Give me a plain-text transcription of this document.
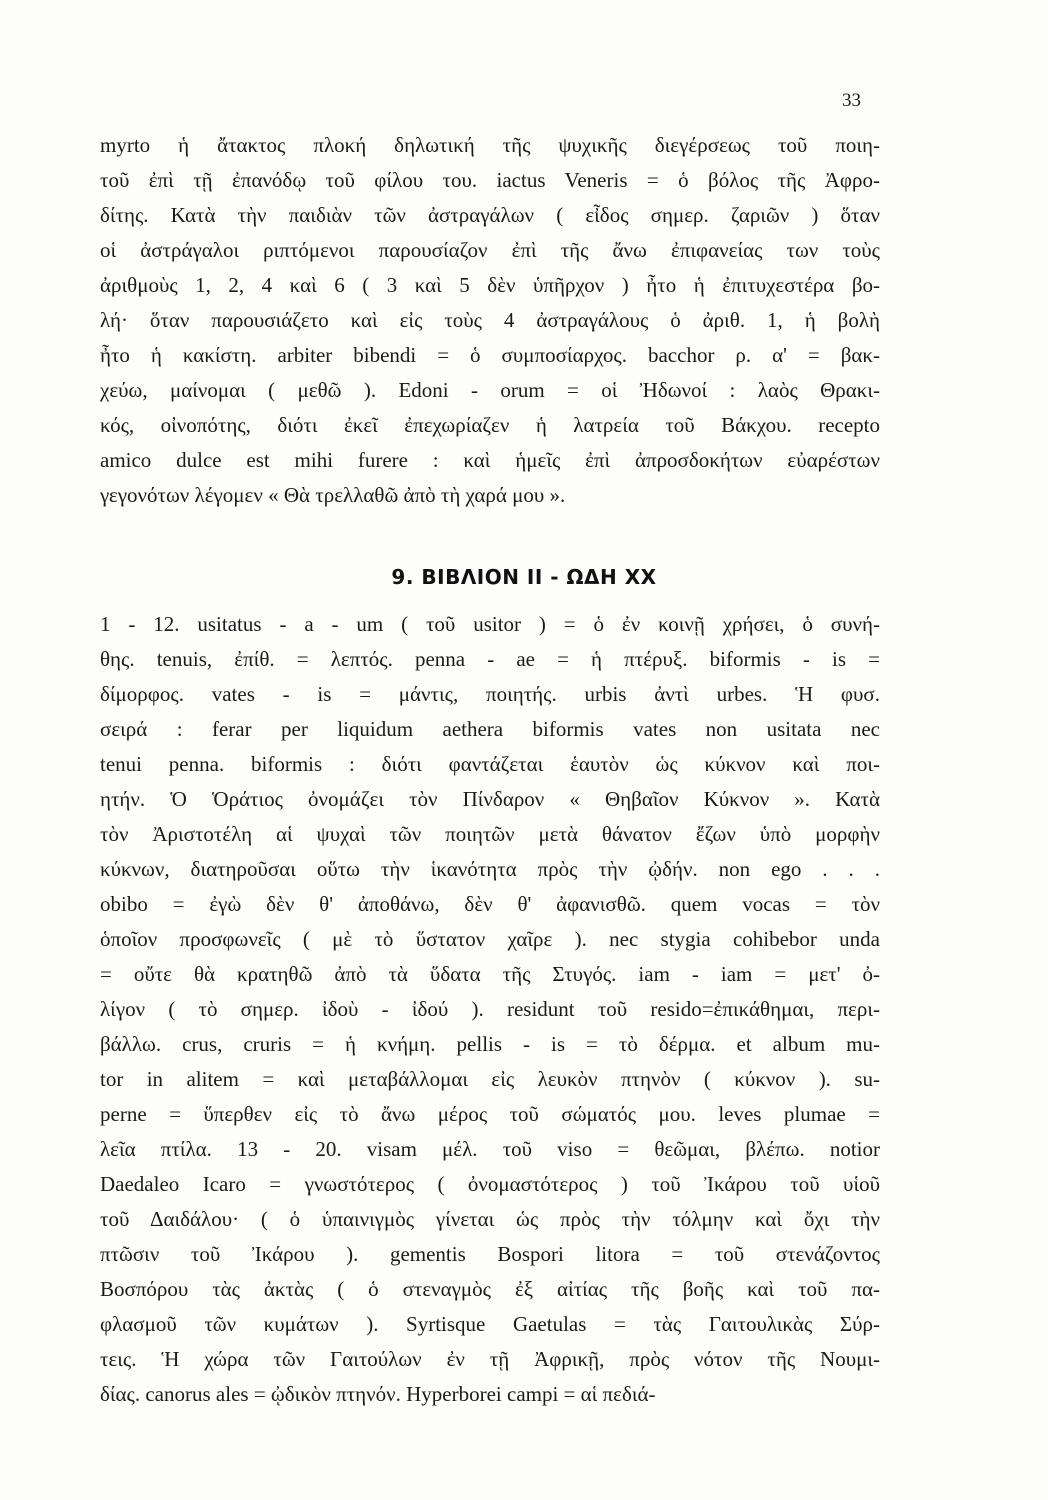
33
myrto ἡ ἄτακτος πλοκή δηλωτική τῆς ψυχικῆς διεγέρσεως τοῦ ποιη-
τοῦ ἐπὶ τῇ ἐπανόδῳ τοῦ φίλου του. iactus Veneris = ὁ βόλος τῆς Ἀφρο-
δίτης. Κατὰ τὴν παιδιὰν τῶν ἀστραγάλων ( εἶδος σημερ. ζαριῶν ) ὅταν
οἱ ἀστράγαλοι ριπτόμενοι παρουσίαζον ἐπὶ τῆς ἄνω ἐπιφανείας των τοὺς
ἀριθμοὺς 1, 2, 4 καὶ 6 ( 3 καὶ 5 δὲν ὑπῆρχον ) ἦτο ἡ ἐπιτυχεστέρα βο-
λή· ὅταν παρουσιάζετο καὶ εἰς τοὺς 4 ἀστραγάλους ὁ ἀριθ. 1, ἡ βολὴ
ἦτο ἡ κακίστη. arbiter bibendi = ὁ συμποσίαρχος. bacchor ρ. α' = βακ-
χεύω, μαίνομαι ( μεθῶ ). Edoni - orum = οἱ Ἠδωνοί : λαὸς Θρακι-
κός, οἰνοπότης, διότι ἐκεῖ ἐπεχωρίαζεν ἡ λατρεία τοῦ Βάκχου. recepto
amico dulce est mihi furere : καὶ ἡμεῖς ἐπὶ ἀπροσδοκήτων εὐαρέστων
γεγονότων λέγομεν « Θὰ τρελλαθῶ ἀπὸ τὴ χαρά μου ».
9. ΒΙΒΛΙΟΝ II - ΩΔΗ XX
1 - 12. usitatus - a - um ( τοῦ usitor ) = ὁ ἐν κοινῇ χρήσει, ὁ συνή-
θης. tenuis, ἐπίθ. = λεπτός. penna - ae = ἡ πτέρυξ. biformis - is =
δίμορφος. vates - is = μάντις, ποιητής. urbis ἀντὶ urbes. Ἡ φυσ.
σειρά : ferar per liquidum aethera biformis vates non usitata nec
tenui penna. biformis : διότι φαντάζεται ἑαυτὸν ὡς κύκνον καὶ ποι-
ητήν. Ὁ Ὁράτιος ὀνομάζει τὸν Πίνδαρον « Θηβαῖον Κύκνον ». Κατὰ
τὸν Ἀριστοτέλη αἱ ψυχαὶ τῶν ποιητῶν μετὰ θάνατον ἔζων ὑπὸ μορφὴν
κύκνων, διατηροῦσαι οὕτω τὴν ἱκανότητα πρὸς τὴν ᾠδήν. non ego . . .
obibo = ἐγὼ δὲν θ' ἀποθάνω, δὲν θ' ἀφανισθῶ. quem vocas = τὸν
ὁποῖον προσφωνεῖς ( μὲ τὸ ὕστατον χαῖρε ). nec stygia cohibebor unda
= οὔτε θὰ κρατηθῶ ἀπὸ τὰ ὕδατα τῆς Στυγός. iam - iam = μετ' ὀ-
λίγον ( τὸ σημερ. ἰδοὺ - ἰδού ). residunt τοῦ resido=ἐπικάθημαι, περι-
βάλλω. crus, cruris = ἡ κνήμη. pellis - is = τὸ δέρμα. et album mu-
tor in alitem = καὶ μεταβάλλομαι εἰς λευκὸν πτηνὸν ( κύκνον ). su-
perne = ὕπερθεν εἰς τὸ ἄνω μέρος τοῦ σώματός μου. leves plumae =
λεῖα πτίλα. 13 - 20. visam μέλ. τοῦ viso = θεῶμαι, βλέπω. notior
Daedaleo Icaro = γνωστότερος ( ὀνομαστότερος ) τοῦ Ἰκάρου τοῦ υἱοῦ
τοῦ Δαιδάλου· ( ὁ ὑπαινιγμὸς γίνεται ὡς πρὸς τὴν τόλμην καὶ ὄχι τὴν
πτῶσιν τοῦ Ἰκάρου ). gementis Bospori litora = τοῦ στενάζοντος
Βοσπόρου τὰς ἀκτὰς ( ὁ στεναγμὸς ἐξ αἰτίας τῆς βοῆς καὶ τοῦ πα-
φλασμοῦ τῶν κυμάτων ). Syrtisque Gaetulas = τὰς Γαιτουλικὰς Σύρ-
τεις. Ἡ χώρα τῶν Γαιτούλων ἐν τῇ Ἀφρικῇ, πρὸς νότον τῆς Νουμι-
δίας. canorus ales = ᾠδικὸν πτηνόν. Hyperborei campi = αἱ πεδιά-
